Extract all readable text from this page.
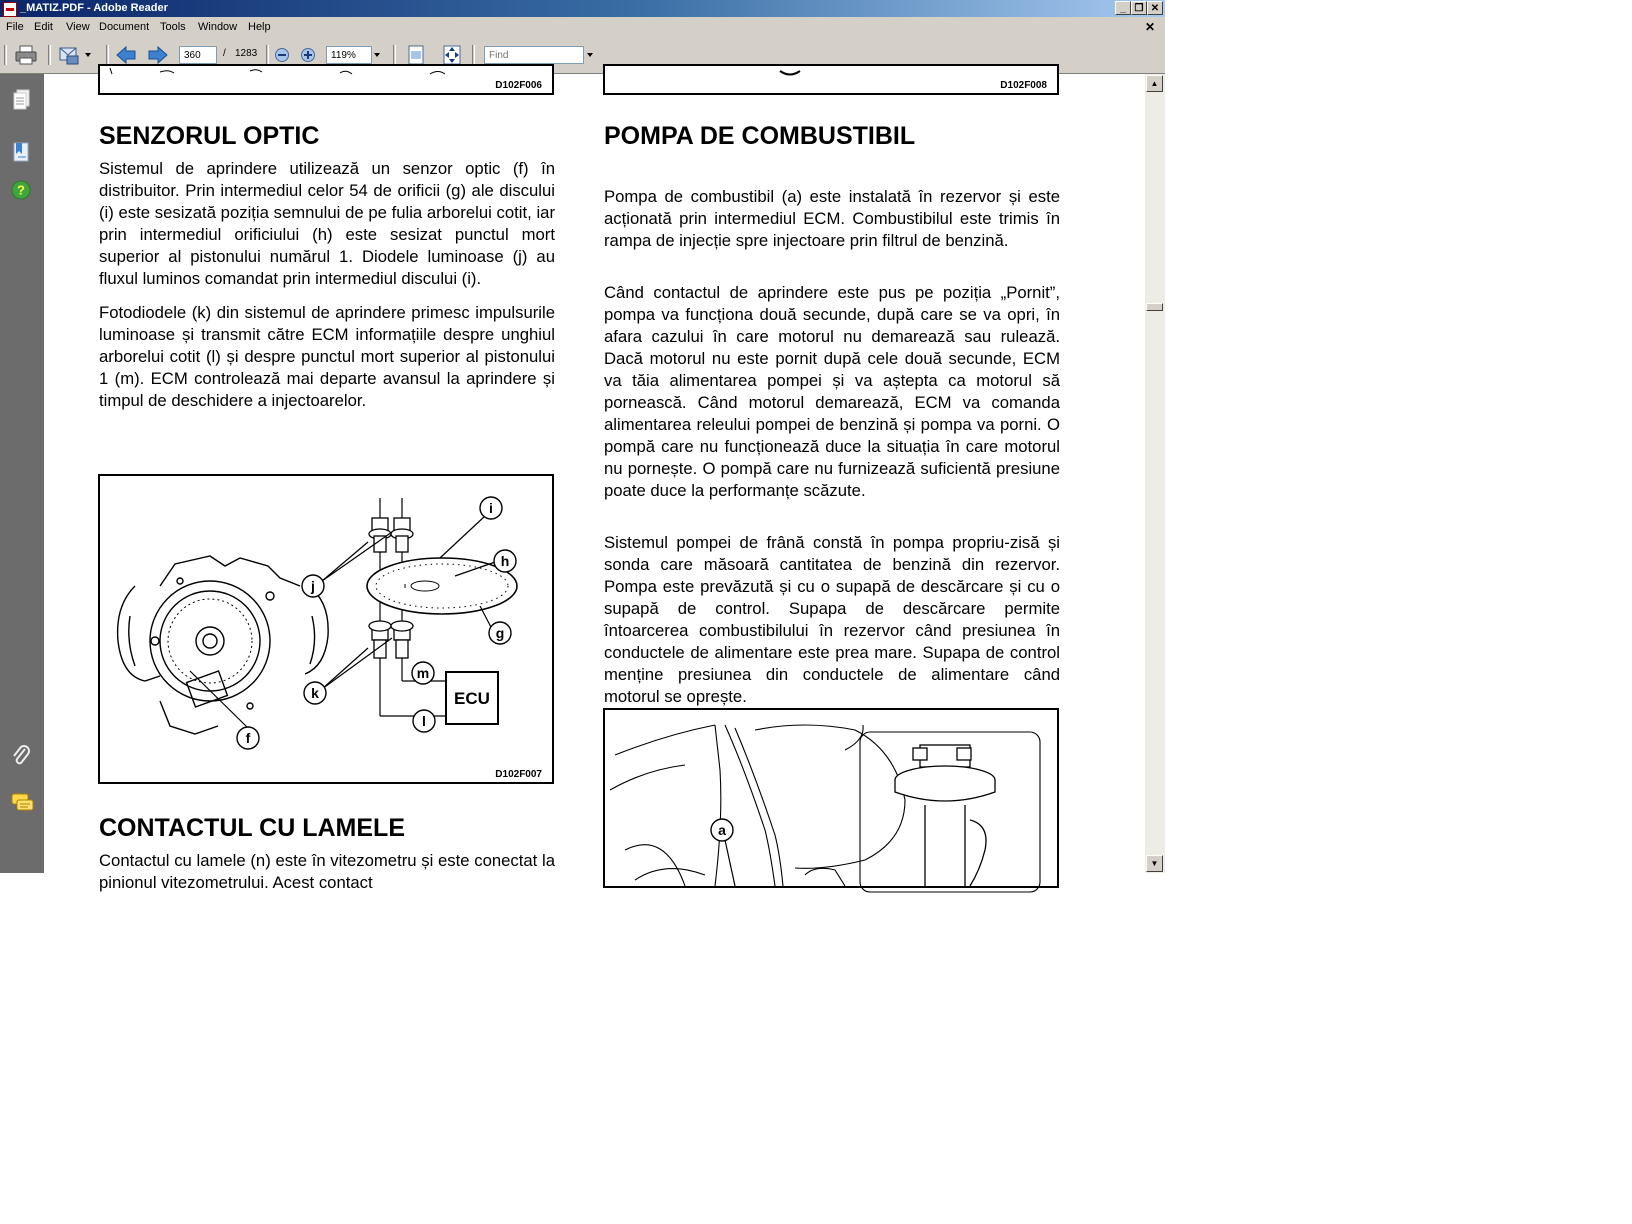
_MATIZ.PDF - Adobe Reader	_ ❐ ✕
File Edit View Document Tools Window Help	✕
360
/ 1283
119%
Find
?
D102F006
SENZORUL OPTIC

Sistemul de aprindere utilizează un senzor optic (f) în distribuitor. Prin intermediul celor 54 de orificii (g) ale discului (i) este sesizată poziția semnului de pe fulia arborelui cotit, iar prin intermediul orificiului (h) este sesizat punctul mort superior al pistonului numărul 1. Diodele luminoase (j) au fluxul luminos comandat prin intermediul discului (i).

Fotodiodele (k) din sistemul de aprindere primesc impulsurile luminoase și transmit către ECM informațiile despre unghiul arborelui cotit (l) și despre punctul mort superior al pistonului 1 (m). ECM controlează mai departe avansul la aprindere și timpul de deschidere a injectoarelor.

ECU
i
h
j
g
k
m
l
f
D102F007
CONTACTUL CU LAMELE

Contactul cu lamele (n) este în vitezometru și este conectat la pinionul vitezometrului. Acest contact

D102F008
POMPA DE COMBUSTIBIL

Pompa de combustibil (a) este instalată în rezervor și este acționată prin intermediul ECM. Combustibilul este trimis în rampa de injecție spre injectoare prin filtrul de benzină.

Când contactul de aprindere este pus pe poziția „Pornit”, pompa va funcționa două secunde, după care se va opri, în afara cazului în care motorul nu demarează sau rulează. Dacă motorul nu este pornit după cele două secunde, ECM va tăia alimentarea pompei și va aștepta ca motorul să pornească. Când motorul demarează, ECM va comanda alimentarea releului pompei de benzină și pompa va porni. O pompă care nu funcționează duce la situația în care motorul nu pornește. O pompă care nu furnizează suficientă presiune poate duce la performanțe scăzute.

Sistemul pompei de frână constă în pompa propriu-zisă și sonda care măsoară cantitatea de benzină din rezervor. Pompa este prevăzută și cu o supapă de descărcare și cu o supapă de control. Supapa de descărcare permite întoarcerea combustibilului în rezervor când presiunea în conductele de alimentare este prea mare. Supapa de control menține presiunea din conductele de alimentare când motorul se oprește.

a
▲
▼
